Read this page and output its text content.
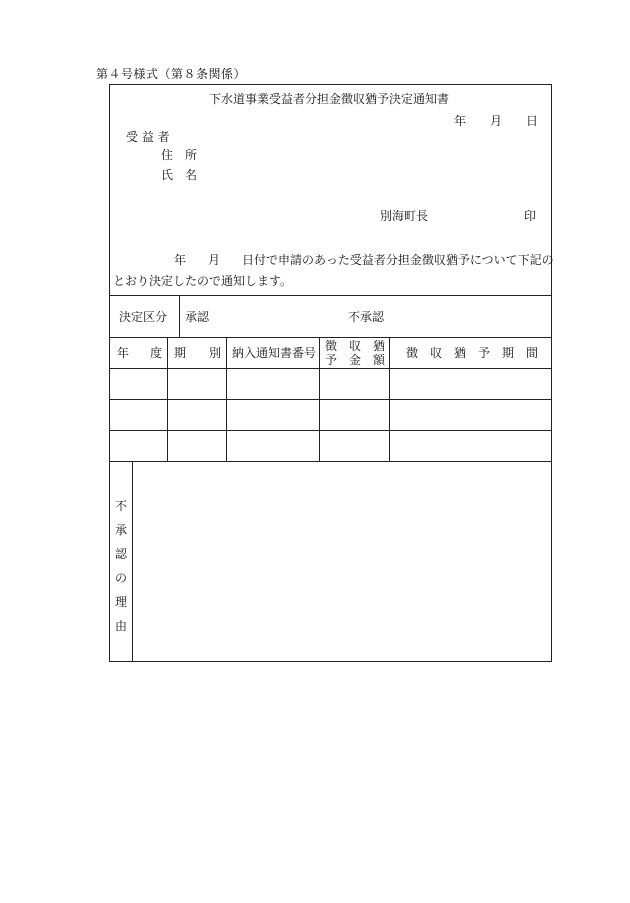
第４号様式（第８条関係）
下水道事業受益者分担金徴収猶予決定通知書
年 月 日
受 益 者
住　所
氏　名
別海町長	印
年 月 日付で申請のあった受益者分担金徴収猶予について下記の
とおり決定したので通知します。
決定区分 承認	不承認
年 度 期 別 納入通知書番号 徴　収　猶
予　金　額 徴　収　猶　予　期　間
不
承
認
の
理
由
